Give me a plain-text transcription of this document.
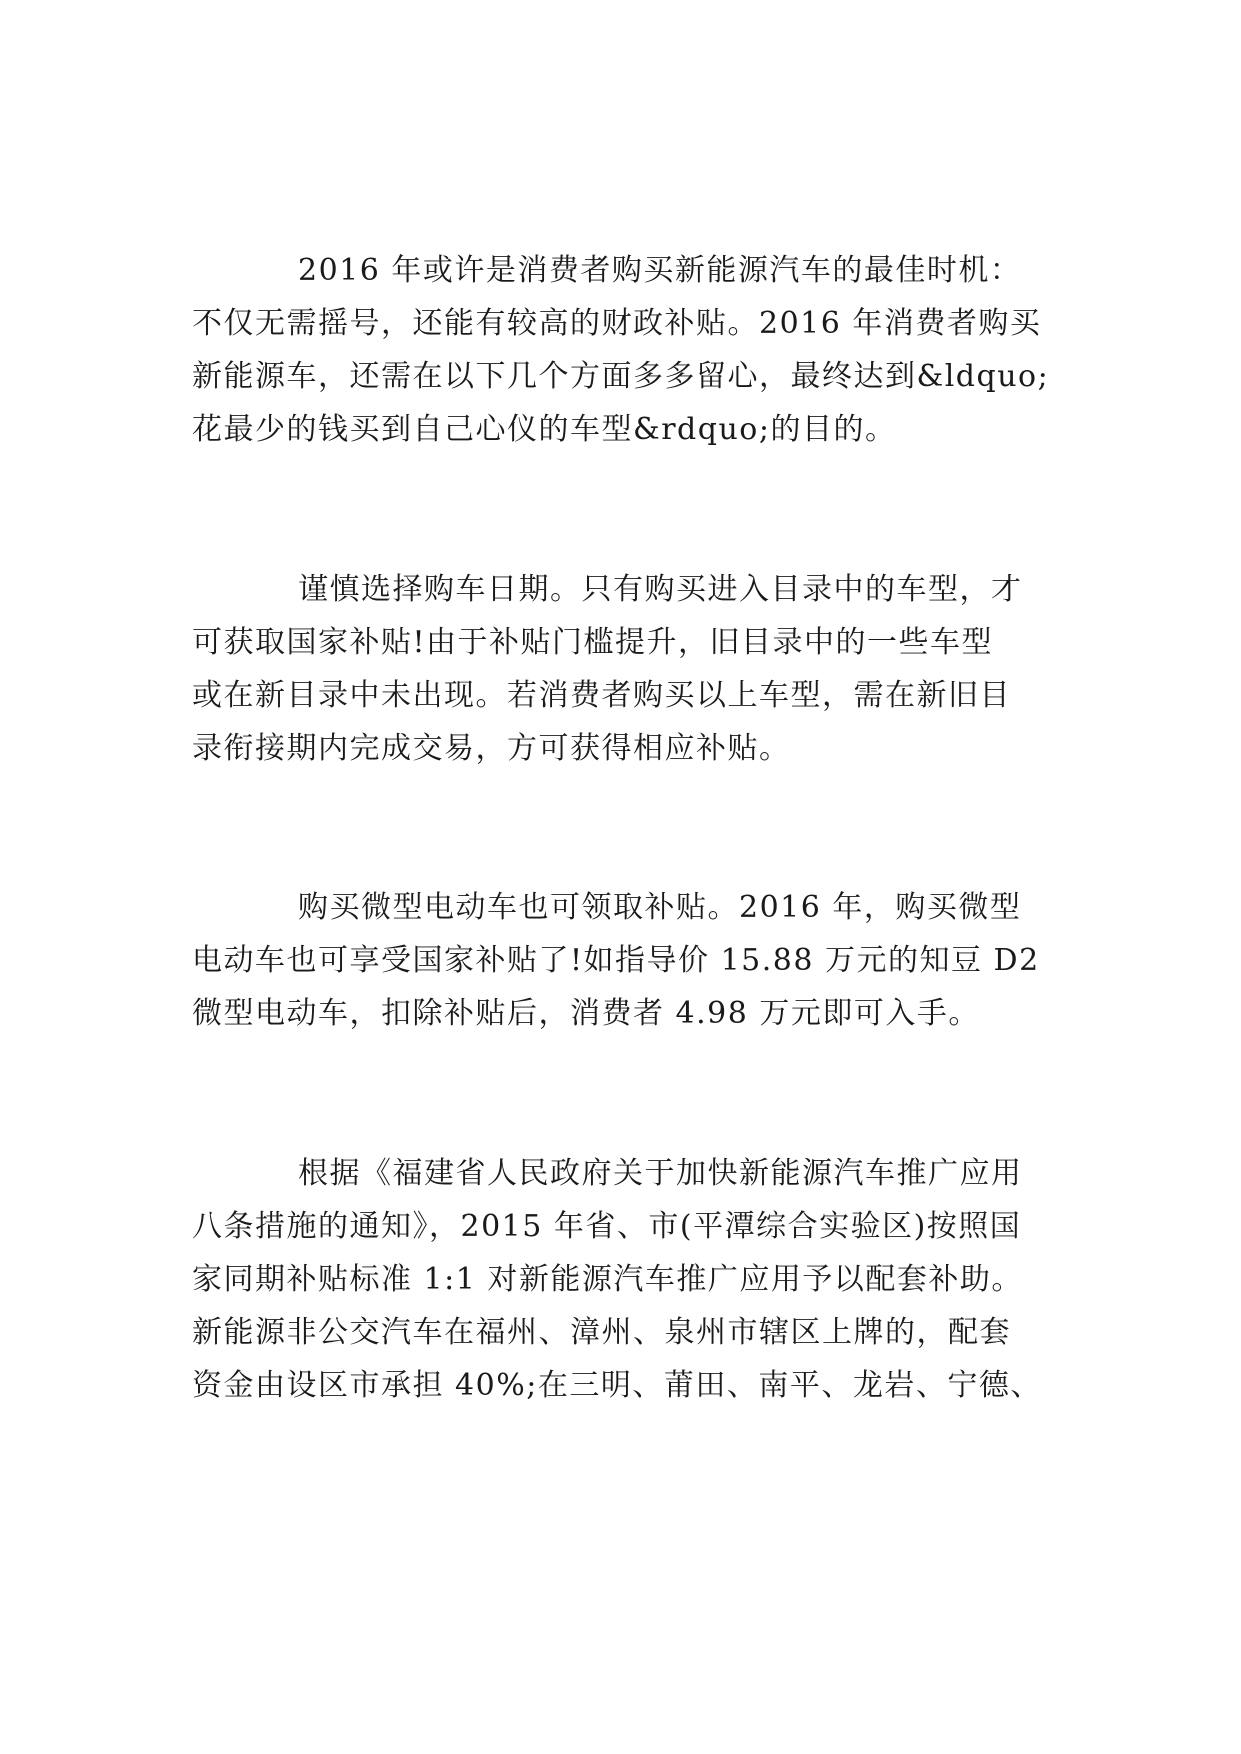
2016 年或许是消费者购买新能源汽车的最佳时机：
不仅无需摇号，还能有较高的财政补贴。2016 年消费者购买
新能源车，还需在以下几个方面多多留心，最终达到&ldquo;
花最少的钱买到自己心仪的车型&rdquo;的目的。
谨慎选择购车日期。只有购买进入目录中的车型，才
可获取国家补贴!由于补贴门槛提升，旧目录中的一些车型
或在新目录中未出现。若消费者购买以上车型，需在新旧目
录衔接期内完成交易，方可获得相应补贴。
购买微型电动车也可领取补贴。2016 年，购买微型
电动车也可享受国家补贴了!如指导价 15.88 万元的知豆 D2
微型电动车，扣除补贴后，消费者 4.98 万元即可入手。
根据《福建省人民政府关于加快新能源汽车推广应用
八条措施的通知》，2015 年省、市(平潭综合实验区)按照国
家同期补贴标准 1:1 对新能源汽车推广应用予以配套补助。
新能源非公交汽车在福州、漳州、泉州市辖区上牌的，配套
资金由设区市承担 40%;在三明、莆田、南平、龙岩、宁德、
